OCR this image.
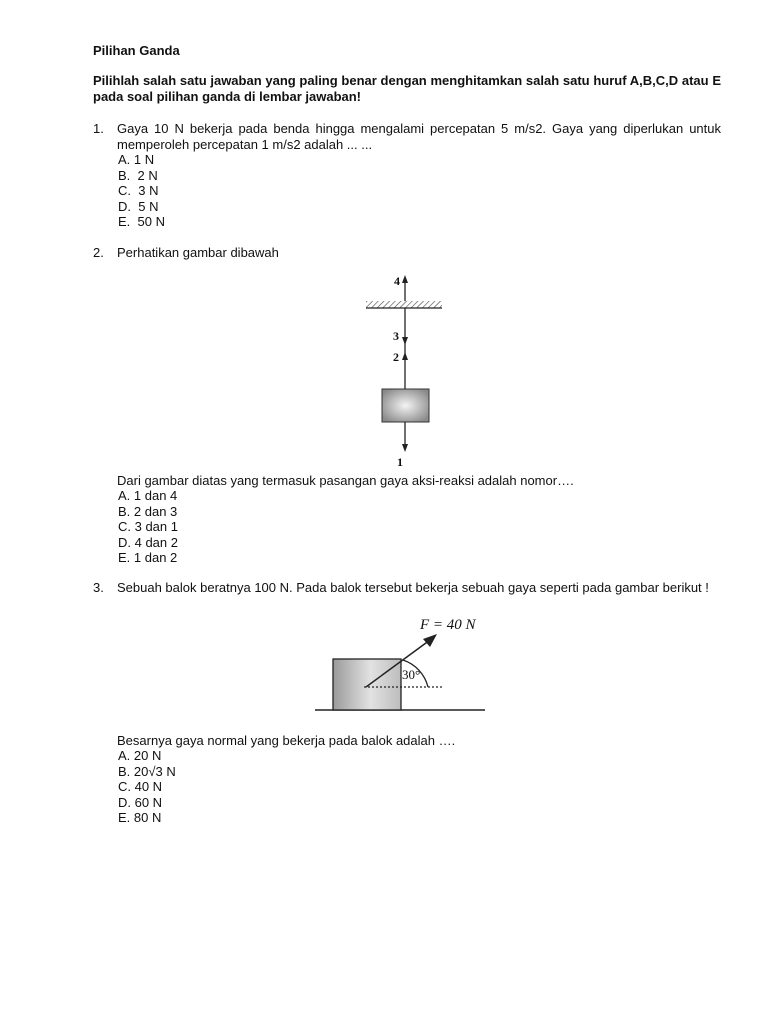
Pilihan Ganda
Pilihlah salah satu jawaban yang paling benar dengan menghitamkan salah satu huruf A,B,C,D atau E pada soal pilihan ganda di lembar jawaban!
1. Gaya 10 N bekerja pada benda hingga mengalami percepatan 5 m/s2. Gaya yang diperlukan untuk memperoleh percepatan 1 m/s2 adalah ... ...
A. 1 N
B.  2 N
C.  3 N
D.  5 N
E.  50 N
2. Perhatikan gambar dibawah
4
3
2
1
Dari gambar diatas yang termasuk pasangan gaya aksi-reaksi adalah nomor….
A. 1 dan 4
B. 2 dan 3
C. 3 dan 1
D. 4 dan 2
E. 1 dan 2
3. Sebuah balok beratnya 100 N. Pada balok tersebut bekerja sebuah gaya seperti pada gambar berikut !
F = 40 N
30°
Besarnya gaya normal yang bekerja pada balok adalah ….
A. 20 N
B. 20√3 N
C. 40 N
D. 60 N
E. 80 N
